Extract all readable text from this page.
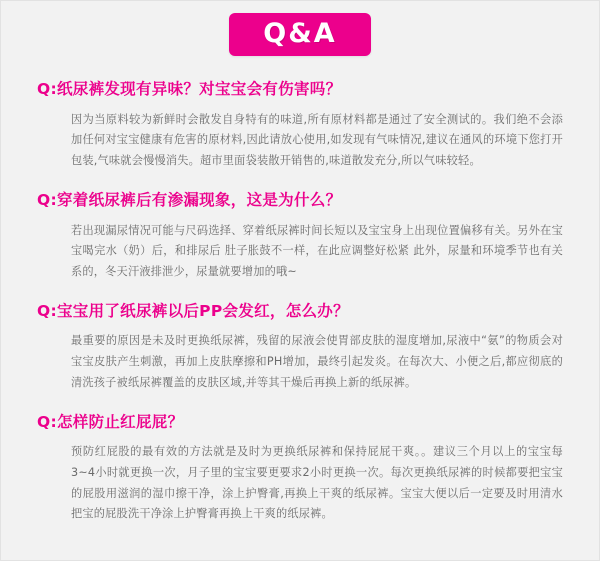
Q&A

Q:纸尿裤发现有异味？对宝宝会有伤害吗？

因为当原料较为新鲜时会散发自身特有的味道,所有原材料都是通过了安全测试的。我们绝不会添加任何对宝宝健康有危害的原材料,因此请放心使用,如发现有气味情况,建议在通风的环境下您打开包装,气味就会慢慢消失。超市里面袋装散开销售的,味道散发充分,所以气味较轻。

Q:穿着纸尿裤后有渗漏现象，这是为什么？

若出现漏尿情况可能与尺码选择、穿着纸尿裤时间长短以及宝宝身上出现位置偏移有关。另外在宝宝喝完水（奶）后，和排尿后 肚子胀鼓不一样，在此应调整好松紧 此外，尿量和环境季节也有关系的，冬天汗液排泄少，尿量就要增加的哦~

Q:宝宝用了纸尿裤以后PP会发红，怎么办？

最重要的原因是未及时更换纸尿裤，残留的尿液会使胃部皮肤的湿度增加,尿液中“氨”的物质会对宝宝皮肤产生刺激，再加上皮肤摩擦和PH增加，最终引起发炎。在每次大、小便之后,都应彻底的清洗孩子被纸尿裤覆盖的皮肤区域,并等其干燥后再换上新的纸尿裤。

Q:怎样防止红屁屁？

预防红屁股的最有效的方法就是及时为更换纸尿裤和保持屁屁干爽。。建议三个月以上的宝宝每3~4小时就更换一次，月子里的宝宝要更要求2小时更换一次。每次更换纸尿裤的时候都要把宝宝的屁股用滋润的湿巾擦干净，涂上护臀膏,再换上干爽的纸尿裤。宝宝大便以后一定要及时用清水把宝的屁股洗干净涂上护臀膏再换上干爽的纸尿裤。
